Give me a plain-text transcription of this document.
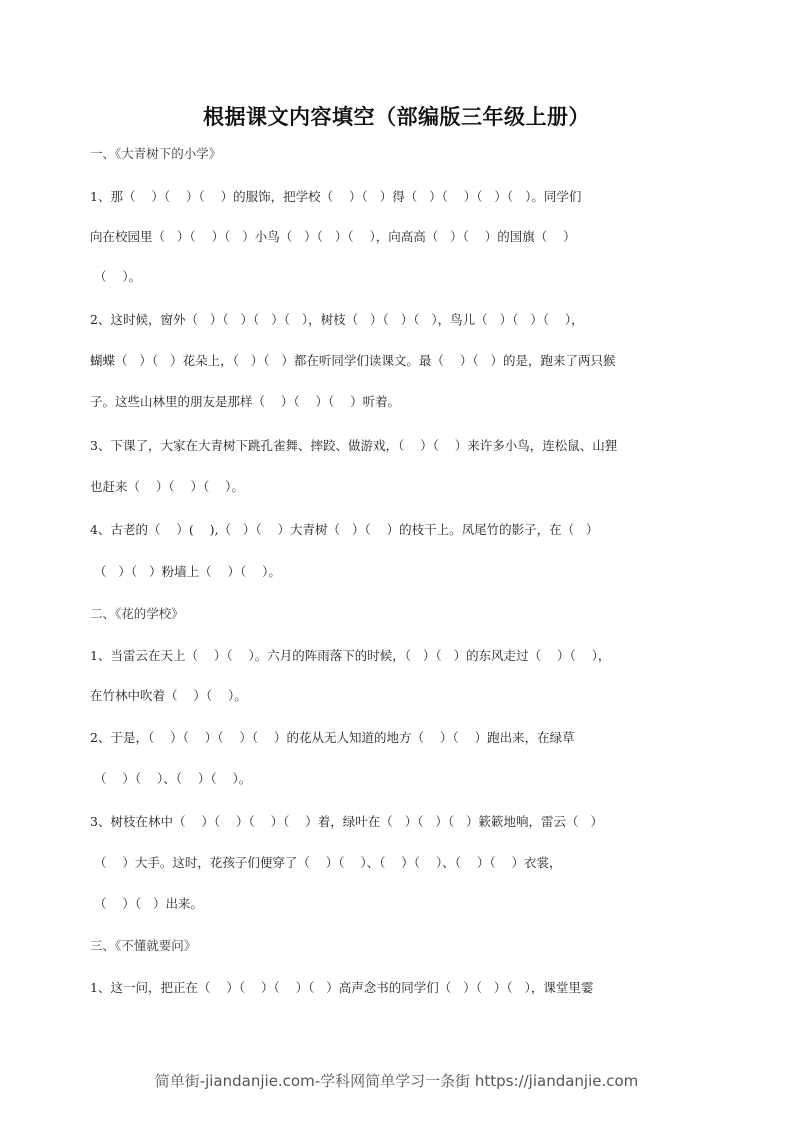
根据课文内容填空（部编版三年级上册）
一、《大青树下的小学》
1、那（    ）（    ）（    ）的服饰，把学校（    ）（   ）得（   ）（    ）（   ）（   ）。同学们
向在校园里（   ）（    ）（   ）小鸟（   ）（   ）（    ），向高高（   ）（    ）的国旗（    ）
（    ）。
2、这时候，窗外（   ）（   ）（   ）（   ），树枝（   ）（   ）（   ），鸟儿（   ）（   ）（    ），
蝴蝶（   ）（   ）花朵上，（   ）（   ）都在听同学们读课文。最（    ）（   ）的是，跑来了两只猴
子。这些山林里的朋友是那样（    ）（    ）（    ）听着。
3、下课了，大家在大青树下跳孔雀舞、摔跤、做游戏，（    ）（    ）来许多小鸟，连松鼠、山狸
也赶来（    ）（    ）（    ）。
4、古老的（    ）(    ),（   ）（    ）大青树（   ）（    ）的枝干上。凤尾竹的影子，在（   ）
（   ）（   ）粉墙上（    ）（    ）。
二、《花的学校》
1、当雷云在天上（    ）（    ）。六月的阵雨落下的时候，（   ）（   ）的东风走过（    ）（    ），
在竹林中吹着（    ）（    ）。
2、于是，（    ）（    ）（    ）（    ）的花从无人知道的地方（    ）（    ）跑出来，在绿草
（    ）（    ）、（    ）（    ）。
3、树枝在林中（    ）（    ）（    ）（    ）着，绿叶在（   ）（   ）（   ）簌簌地响，雷云（   ）
（    ）大手。这时，花孩子们便穿了（    ）（    ）、（    ）（    ）、（    ）（    ）衣裳，
（    ）（   ）出来。
三、《不懂就要问》
1、这一问，把正在（    ）（    ）（    ）（   ）高声念书的同学们（   ）（   ）（   ），课堂里霎
简单街-jiandanjie.com-学科网简单学习一条街 https://jiandanjie.com
